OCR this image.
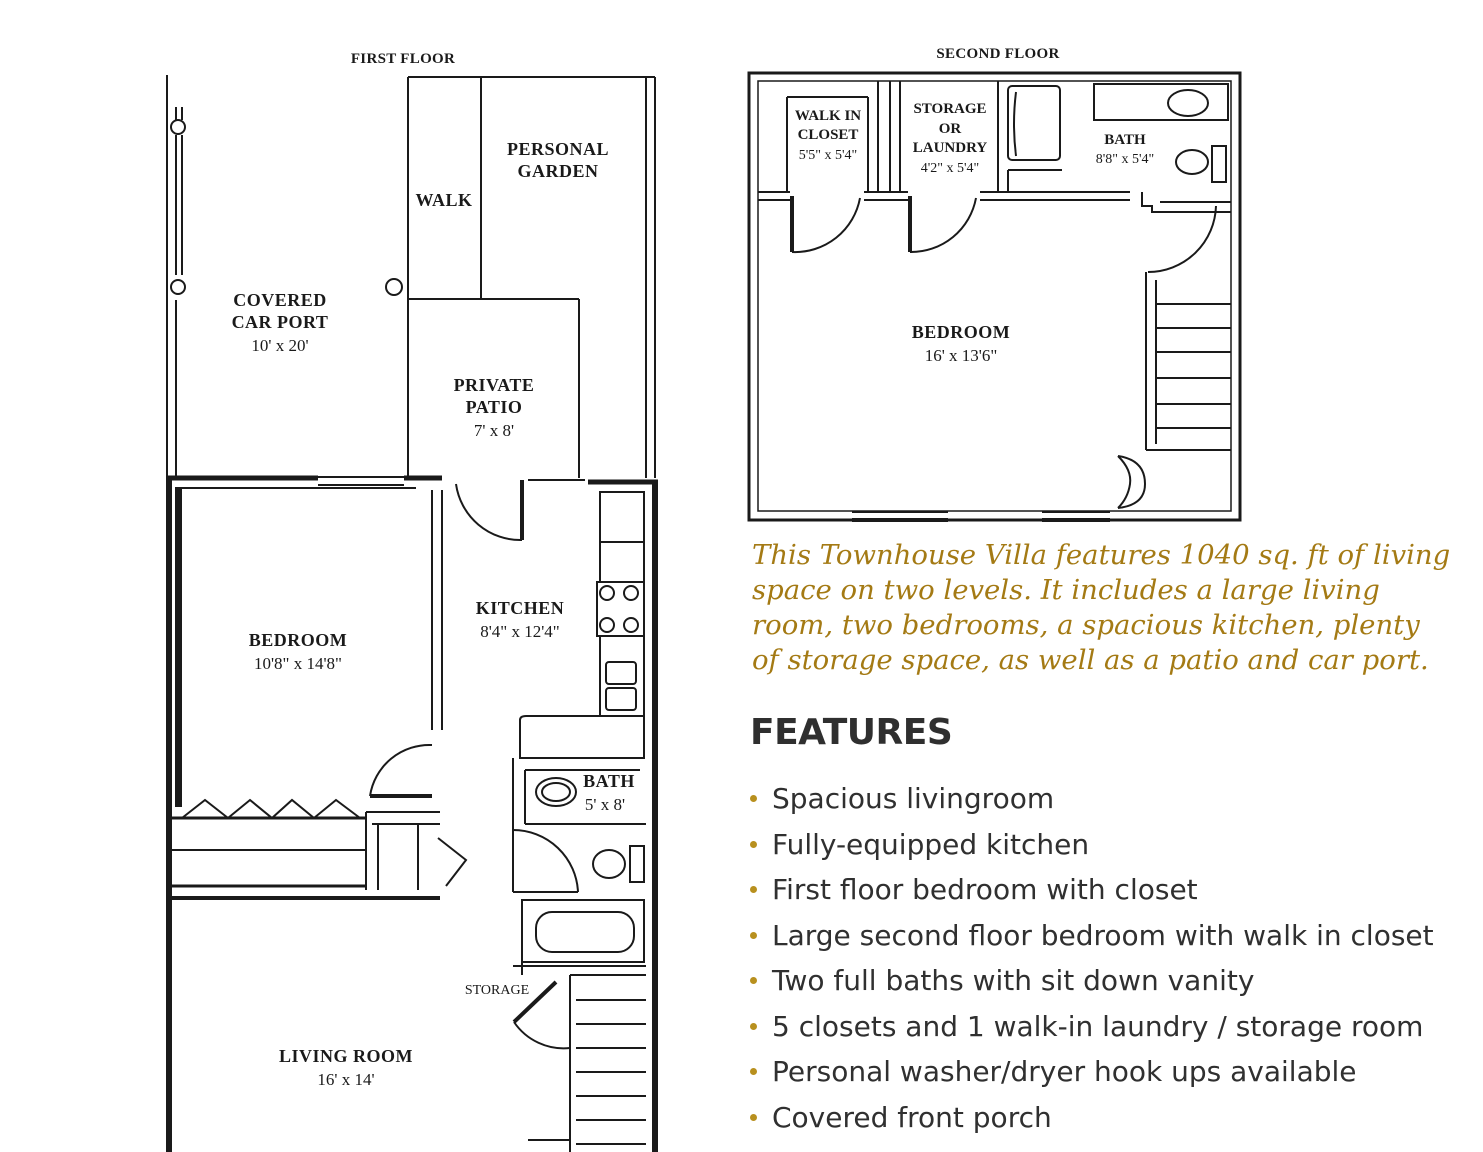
FIRST FLOOR
COVERED
CAR PORT
10' x 20'
WALK
PERSONAL
GARDEN
PRIVATE
PATIO
7' x 8'
BEDROOM
10'8" x 14'8"
KITCHEN
8'4" x 12'4"
BATH
5' x 8'
STORAGE
LIVING ROOM
16' x 14'
SECOND FLOOR
WALK IN
CLOSET
5'5" x 5'4"
STORAGE
OR
LAUNDRY
4'2" x 5'4"
BATH
8'8" x 5'4"
BEDROOM
16' x 13'6"

This Townhouse Villa features 1040 sq. ft of living space on two levels. It includes a large living room, two bedrooms, a spacious kitchen, plenty of storage space, as well as a patio and car port.

FEATURES
Spacious livingroom
Fully-equipped kitchen
First floor bedroom with closet
Large second floor bedroom with walk in closet
Two full baths with sit down vanity
5 closets and 1 walk-in laundry / storage room
Personal washer/dryer hook ups available
Covered front porch
